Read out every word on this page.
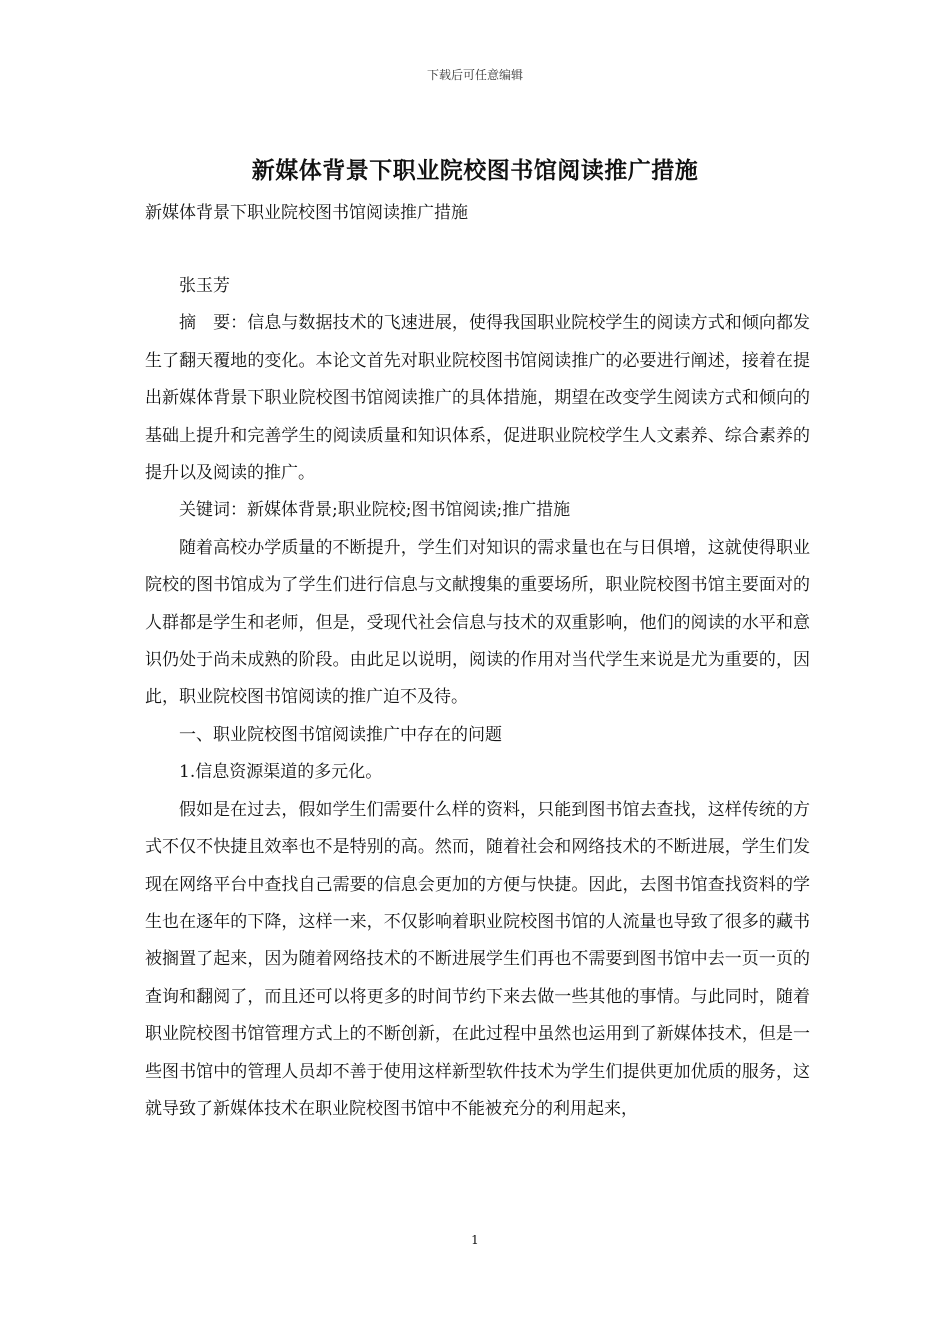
下载后可任意编辑
新媒体背景下职业院校图书馆阅读推广措施
新媒体背景下职业院校图书馆阅读推广措施

张玉芳

摘　要：信息与数据技术的飞速进展，使得我国职业院校学生的阅读方式和倾向都发生了翻天覆地的变化。本论文首先对职业院校图书馆阅读推广的必要进行阐述，接着在提出新媒体背景下职业院校图书馆阅读推广的具体措施，期望在改变学生阅读方式和倾向的基础上提升和完善学生的阅读质量和知识体系，促进职业院校学生人文素养、综合素养的提升以及阅读的推广。

关键词：新媒体背景;职业院校;图书馆阅读;推广措施

随着高校办学质量的不断提升，学生们对知识的需求量也在与日俱增，这就使得职业院校的图书馆成为了学生们进行信息与文献搜集的重要场所，职业院校图书馆主要面对的人群都是学生和老师，但是，受现代社会信息与技术的双重影响，他们的阅读的水平和意识仍处于尚未成熟的阶段。由此足以说明，阅读的作用对当代学生来说是尤为重要的，因此，职业院校图书馆阅读的推广迫不及待。

一、职业院校图书馆阅读推广中存在的问题

1.信息资源渠道的多元化。

假如是在过去，假如学生们需要什么样的资料，只能到图书馆去查找，这样传统的方式不仅不快捷且效率也不是特别的高。然而，随着社会和网络技术的不断进展，学生们发现在网络平台中查找自己需要的信息会更加的方便与快捷。因此，去图书馆查找资料的学生也在逐年的下降，这样一来，不仅影响着职业院校图书馆的人流量也导致了很多的藏书被搁置了起来，因为随着网络技术的不断进展学生们再也不需要到图书馆中去一页一页的查询和翻阅了，而且还可以将更多的时间节约下来去做一些其他的事情。与此同时，随着职业院校图书馆管理方式上的不断创新，在此过程中虽然也运用到了新媒体技术，但是一些图书馆中的管理人员却不善于使用这样新型软件技术为学生们提供更加优质的服务，这就导致了新媒体技术在职业院校图书馆中不能被充分的利用起来，

1
